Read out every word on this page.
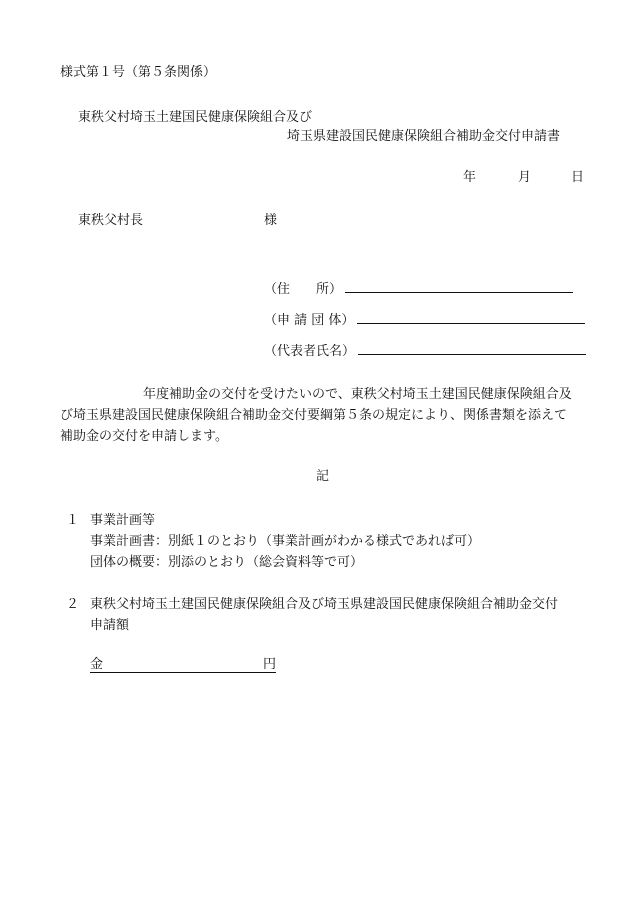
様式第１号（第５条関係）
東秩父村埼玉土建国民健康保険組合及び
埼玉県建設国民健康保険組合補助金交付申請書
年	月	日
東秩父村長	様
（住　　所）
（申 請 団 体）
（代表者氏名）
年度補助金の交付を受けたいので、東秩父村埼玉土建国民健康保険組合及
び埼玉県建設国民健康保険組合補助金交付要綱第５条の規定により、関係書類を添えて
補助金の交付を申請します。
記
１ 事業計画等
事業計画書：別紙１のとおり（事業計画がわかる様式であれば可）
団体の概要：別添のとおり（総会資料等で可）
２ 東秩父村埼玉土建国民健康保険組合及び埼玉県建設国民健康保険組合補助金交付
申請額
金	円
